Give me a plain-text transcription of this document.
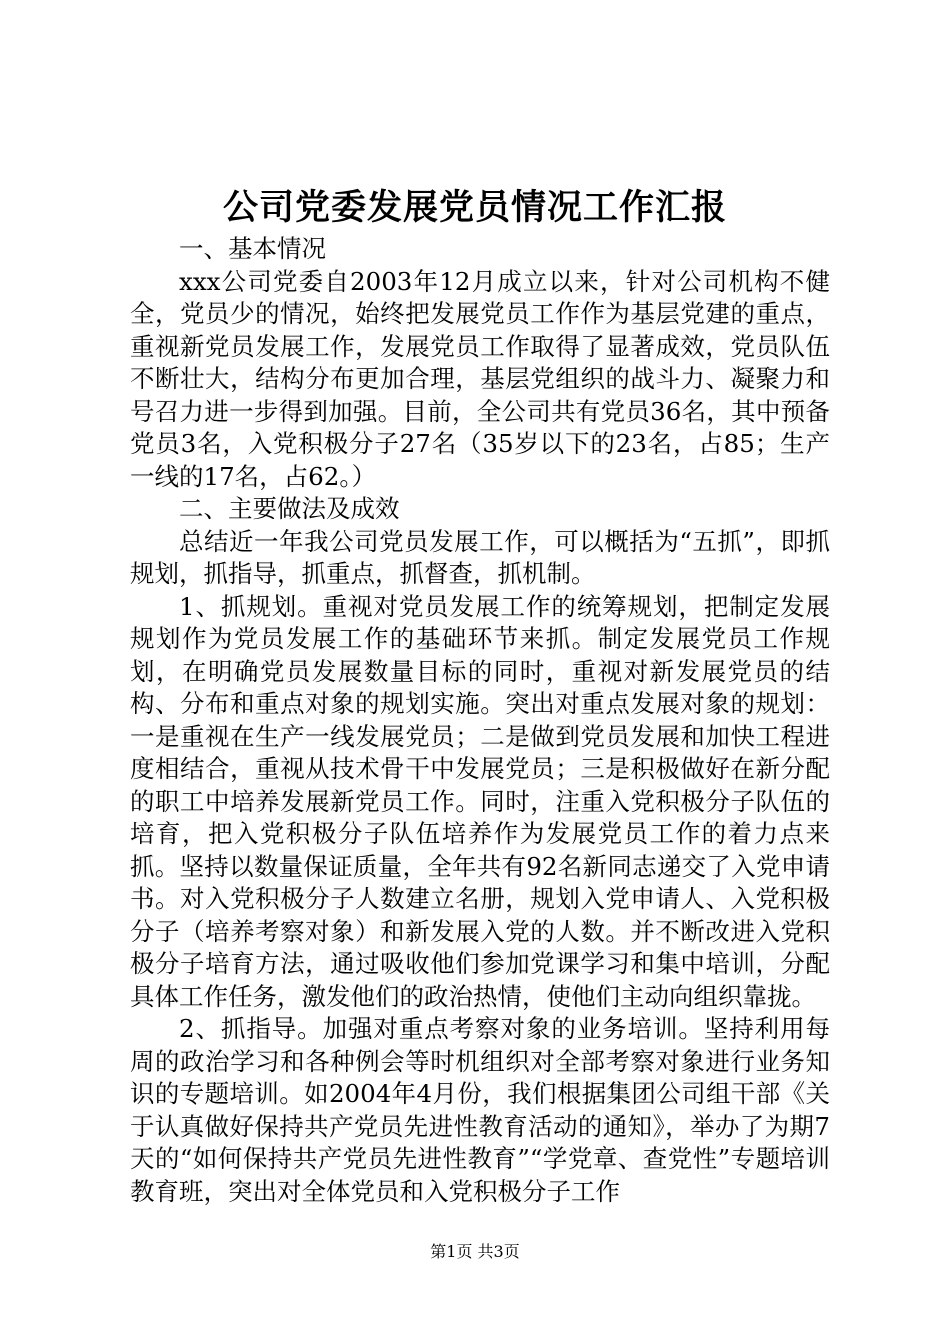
公司党委发展党员情况工作汇报

一、基本情况

xxx公司党委自2003年12月成立以来，针对公司机构不健全，党员少的情况，始终把发展党员工作作为基层党建的重点，重视新党员发展工作，发展党员工作取得了显著成效，党员队伍不断壮大，结构分布更加合理，基层党组织的战斗力、凝聚力和号召力进一步得到加强。目前，全公司共有党员36名，其中预备党员3名，入党积极分子27名（35岁以下的23名，占85；生产一线的17名，占62。）

二、主要做法及成效

总结近一年我公司党员发展工作，可以概括为“五抓”，即抓规划，抓指导，抓重点，抓督查，抓机制。

1、抓规划。重视对党员发展工作的统筹规划，把制定发展规划作为党员发展工作的基础环节来抓。制定发展党员工作规划，在明确党员发展数量目标的同时，重视对新发展党员的结构、分布和重点对象的规划实施。突出对重点发展对象的规划：一是重视在生产一线发展党员；二是做到党员发展和加快工程进度相结合，重视从技术骨干中发展党员；三是积极做好在新分配的职工中培养发展新党员工作。同时，注重入党积极分子队伍的培育，把入党积极分子队伍培养作为发展党员工作的着力点来抓。坚持以数量保证质量，全年共有92名新同志递交了入党申请书。对入党积极分子人数建立名册，规划入党申请人、入党积极分子（培养考察对象）和新发展入党的人数。并不断改进入党积极分子培育方法，通过吸收他们参加党课学习和集中培训，分配具体工作任务，激发他们的政治热情，使他们主动向组织靠拢。

2、抓指导。加强对重点考察对象的业务培训。坚持利用每周的政治学习和各种例会等时机组织对全部考察对象进行业务知识的专题培训。如2004年4月份，我们根据集团公司组干部《关于认真做好保持共产党员先进性教育活动的通知》，举办了为期7天的“如何保持共产党员先进性教育”“学党章、查党性”专题培训教育班，突出对全体党员和入党积极分子工作

第1页 共3页
